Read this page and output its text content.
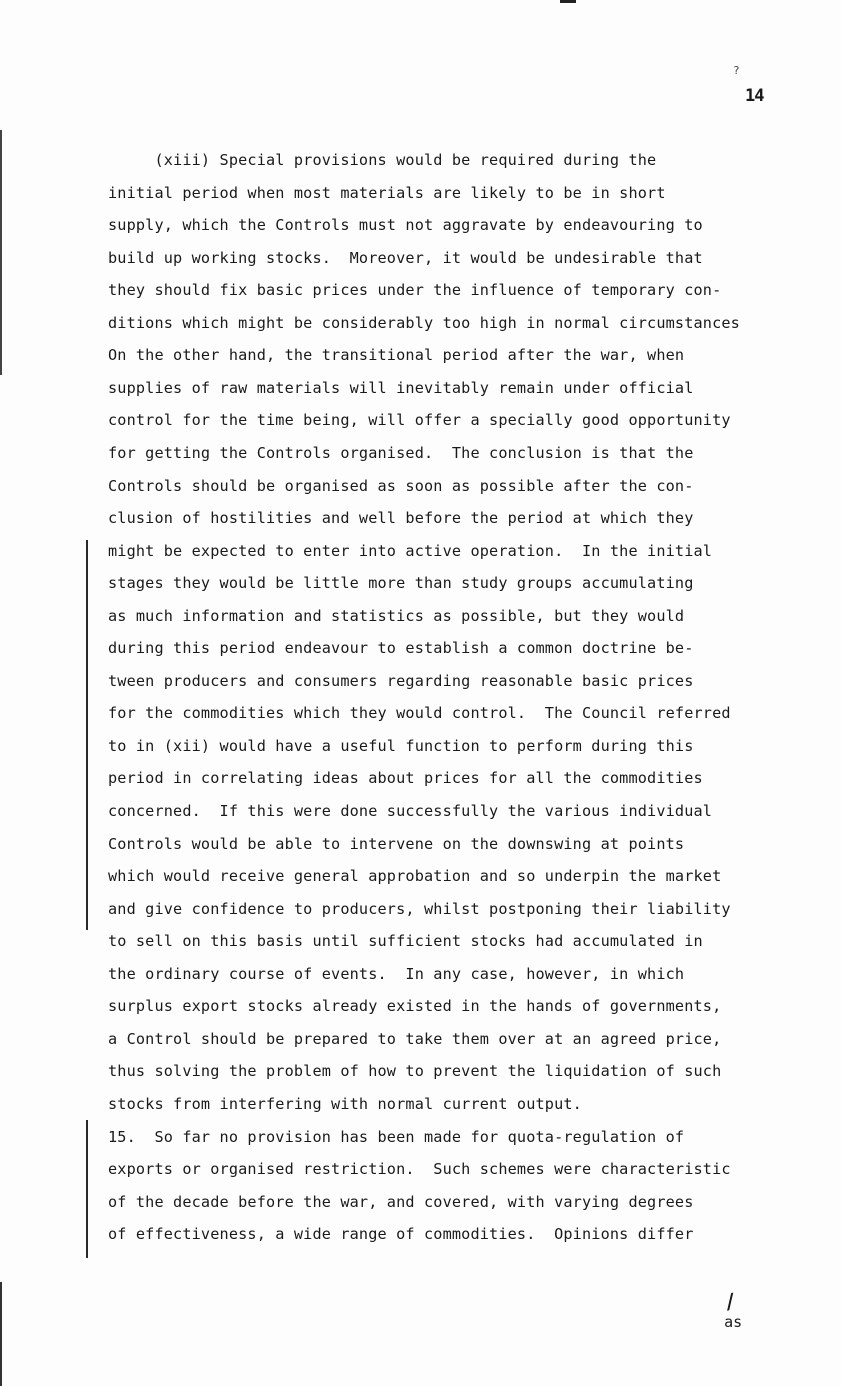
?
14
(xiii) Special provisions would be required during the
initial period when most materials are likely to be in short
supply, which the Controls must not aggravate by endeavouring to
build up working stocks.  Moreover, it would be undesirable that
they should fix basic prices under the influence of temporary con-
ditions which might be considerably too high in normal circumstances
On the other hand, the transitional period after the war, when
supplies of raw materials will inevitably remain under official
control for the time being, will offer a specially good opportunity
for getting the Controls organised.  The conclusion is that the
Controls should be organised as soon as possible after the con-
clusion of hostilities and well before the period at which they
might be expected to enter into active operation.  In the initial
stages they would be little more than study groups accumulating
as much information and statistics as possible, but they would
during this period endeavour to establish a common doctrine be-
tween producers and consumers regarding reasonable basic prices
for the commodities which they would control.  The Council referred
to in (xii) would have a useful function to perform during this
period in correlating ideas about prices for all the commodities
concerned.  If this were done successfully the various individual
Controls would be able to intervene on the downswing at points
which would receive general approbation and so underpin the market
and give confidence to producers, whilst postponing their liability
to sell on this basis until sufficient stocks had accumulated in
the ordinary course of events.  In any case, however, in which
surplus export stocks already existed in the hands of governments,
a Control should be prepared to take them over at an agreed price,
thus solving the problem of how to prevent the liquidation of such
stocks from interfering with normal current output.
15.  So far no provision has been made for quota-regulation of
exports or organised restriction.  Such schemes were characteristic
of the decade before the war, and covered, with varying degrees
of effectiveness, a wide range of commodities.  Opinions differ

/
as
